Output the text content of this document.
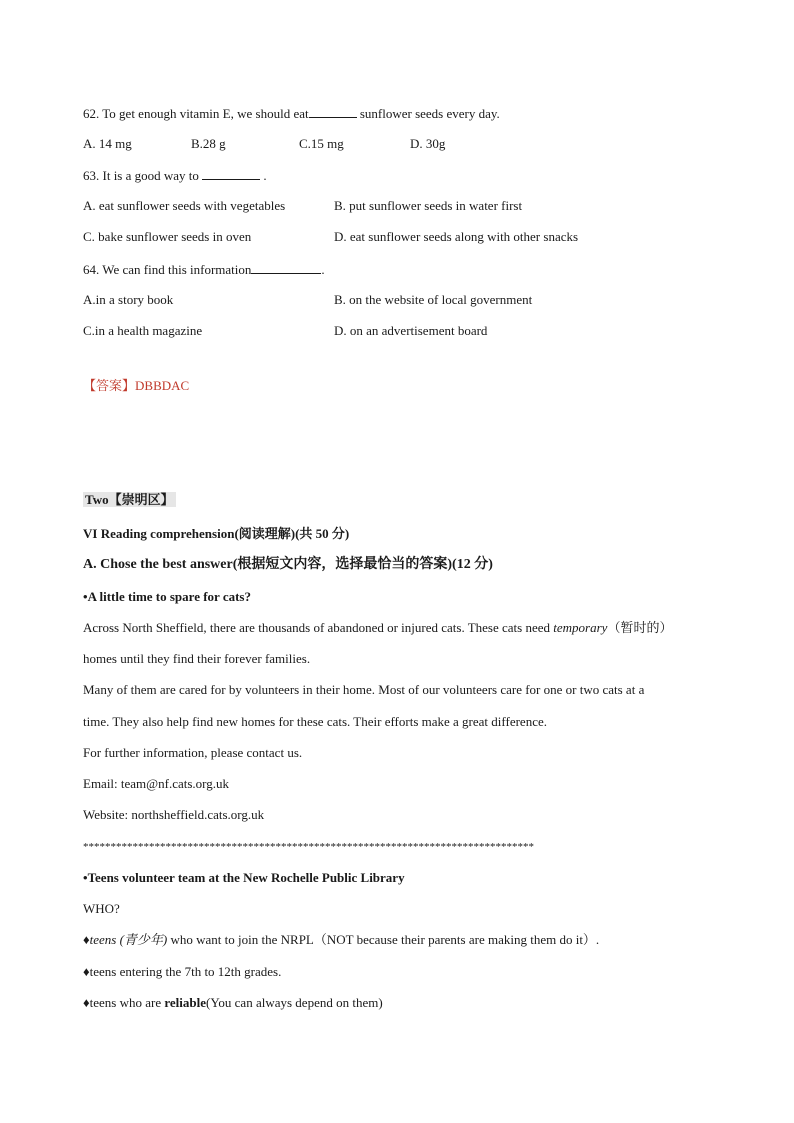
62. To get enough vitamin E, we should eat	sunflower seeds every day.
A. 14 mg	B.28 g	C.15 mg	D. 30g
63. It is a good way to	.
A. eat sunflower seeds with vegetables	B. put sunflower seeds in water first
C. bake sunflower seeds in oven	D. eat sunflower seeds along with other snacks
64. We can find this information	.
A.in a story book	B. on the website of local government
C.in a health magazine	D. on an advertisement board
【答案】DBBDAC
Two【崇明区】
VI Reading comprehension(阅读理解)(共 50 分)
A. Chose the best answer(根据短文内容，选择最恰当的答案)(12 分)
•A little time to spare for cats?
Across North Sheffield, there are thousands of abandoned or injured cats. These cats need temporary（暂时的）
homes until they find their forever families.
Many of them are cared for by volunteers in their home. Most of our volunteers care for one or two cats at a
time. They also help find new homes for these cats. Their efforts make a great difference.
For further information, please contact us.
Email: team@nf.cats.org.uk
Website: northsheffield.cats.org.uk
**********************************************************************************
•Teens volunteer team at the New Rochelle Public Library
WHO?
♦teens (青少年) who want to join the NRPL（NOT because their parents are making them do it）.
♦teens entering the 7th to 12th grades.
♦teens who are reliable(You can always depend on them)
